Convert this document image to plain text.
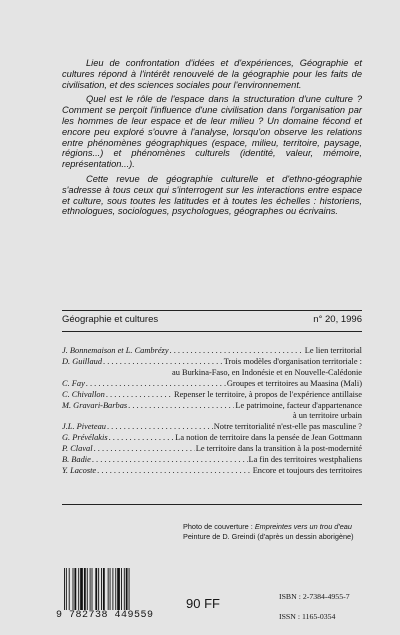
Lieu de confrontation d'idées et d'expériences, Géographie et cultures répond à l'intérêt renouvelé de la géographie pour les faits de civilisation, et des sciences sociales pour l'environnement.

Quel est le rôle de l'espace dans la structuration d'une culture ? Comment se perçoit l'influence d'une civilisation dans l'organisation par les hommes de leur espace et de leur milieu ? Un domaine fécond et encore peu exploré s'ouvre à l'analyse, lorsqu'on observe les relations entre phénomènes géographiques (espace, milieu, territoire, paysage, régions...) et phénomènes culturels (identité, valeur, mémoire, représentation...).

Cette revue de géographie culturelle et d'ethno-géographie s'adresse à tous ceux qui s'interrogent sur les interactions entre espace et culture, sous toutes les latitudes et à toutes les échelles : historiens, ethnologues, sociologues, psychologues, géographes ou écrivains.

Géographie et cultures	n° 20, 1996
J. Bonnemaison et L. Cambrézy . . .	Le lien territorial
D. Guillaud . . .	Trois modèles d'organisation territoriale :
au Burkina-Faso, en Indonésie et en Nouvelle-Calédonie
C. Fay . . .	Groupes et territoires au Maasina (Mali)
C. Chivallon . . .	Repenser le territoire, à propos de l'expérience antillaise
M. Gravari-Barbas . . .	Le patrimoine, facteur d'appartenance
à un territoire urbain
J.L. Piveteau . . .	Notre territorialité n'est-elle pas masculine ?
G. Prévélakis . . .	La notion de territoire dans la pensée de Jean Gottmann
P. Claval . . .	Le territoire dans la transition à la post-modernité
B. Badie . . .	La fin des territoires westphaliens
Y. Lacoste . . .	Encore et toujours des territoires
Photo de couverture : Empreintes vers un trou d'eau
Peinture de D. Greindi (d'après un dessin aborigène)
9 782738 449559
90 FF	ISBN : 2-7384-4955-7
ISSN : 1165-0354
